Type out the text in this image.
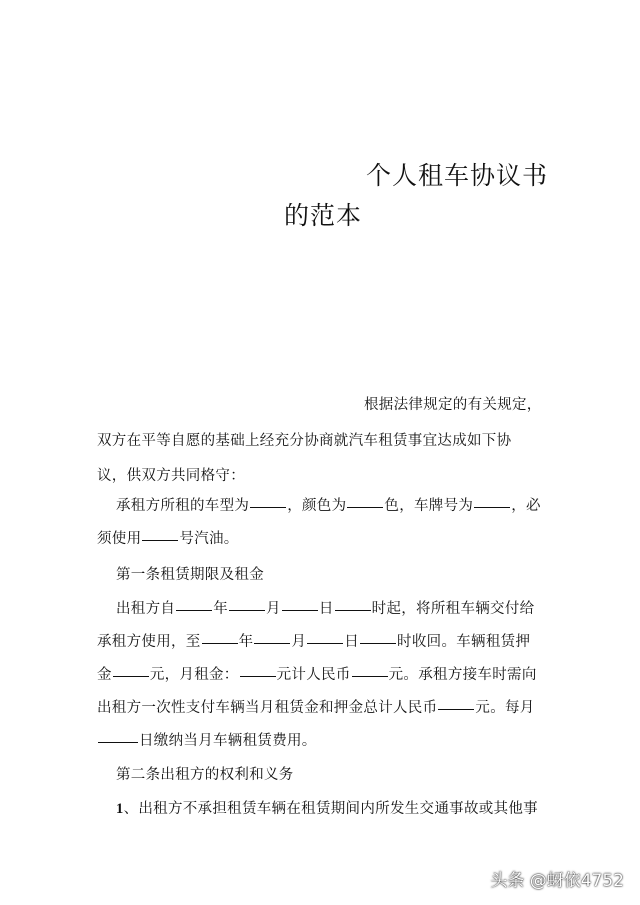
个人租车协议书
的范本
根据法律规定的有关规定，
双方在平等自愿的基础上经充分协商就汽车租赁事宜达成如下协
议，供双方共同格守：
承租方所租的车型为	，颜色为	色，车牌号为	，必
须使用	号汽油。
第一条租赁期限及租金
出租方自	年	月	日	时起，将所租车辆交付给
承租方使用，至	年	月	日	时收回。车辆租赁押
金	元，月租金：	元计人民币	元。承租方接车时需向
出租方一次性支付车辆当月租赁金和押金总计人民币	元。每月
日缴纳当月车辆租赁费用。
第二条出租方的权利和义务
1、出租方不承担租赁车辆在租赁期间内所发生交通事故或其他事
头条 @蚜依4752
